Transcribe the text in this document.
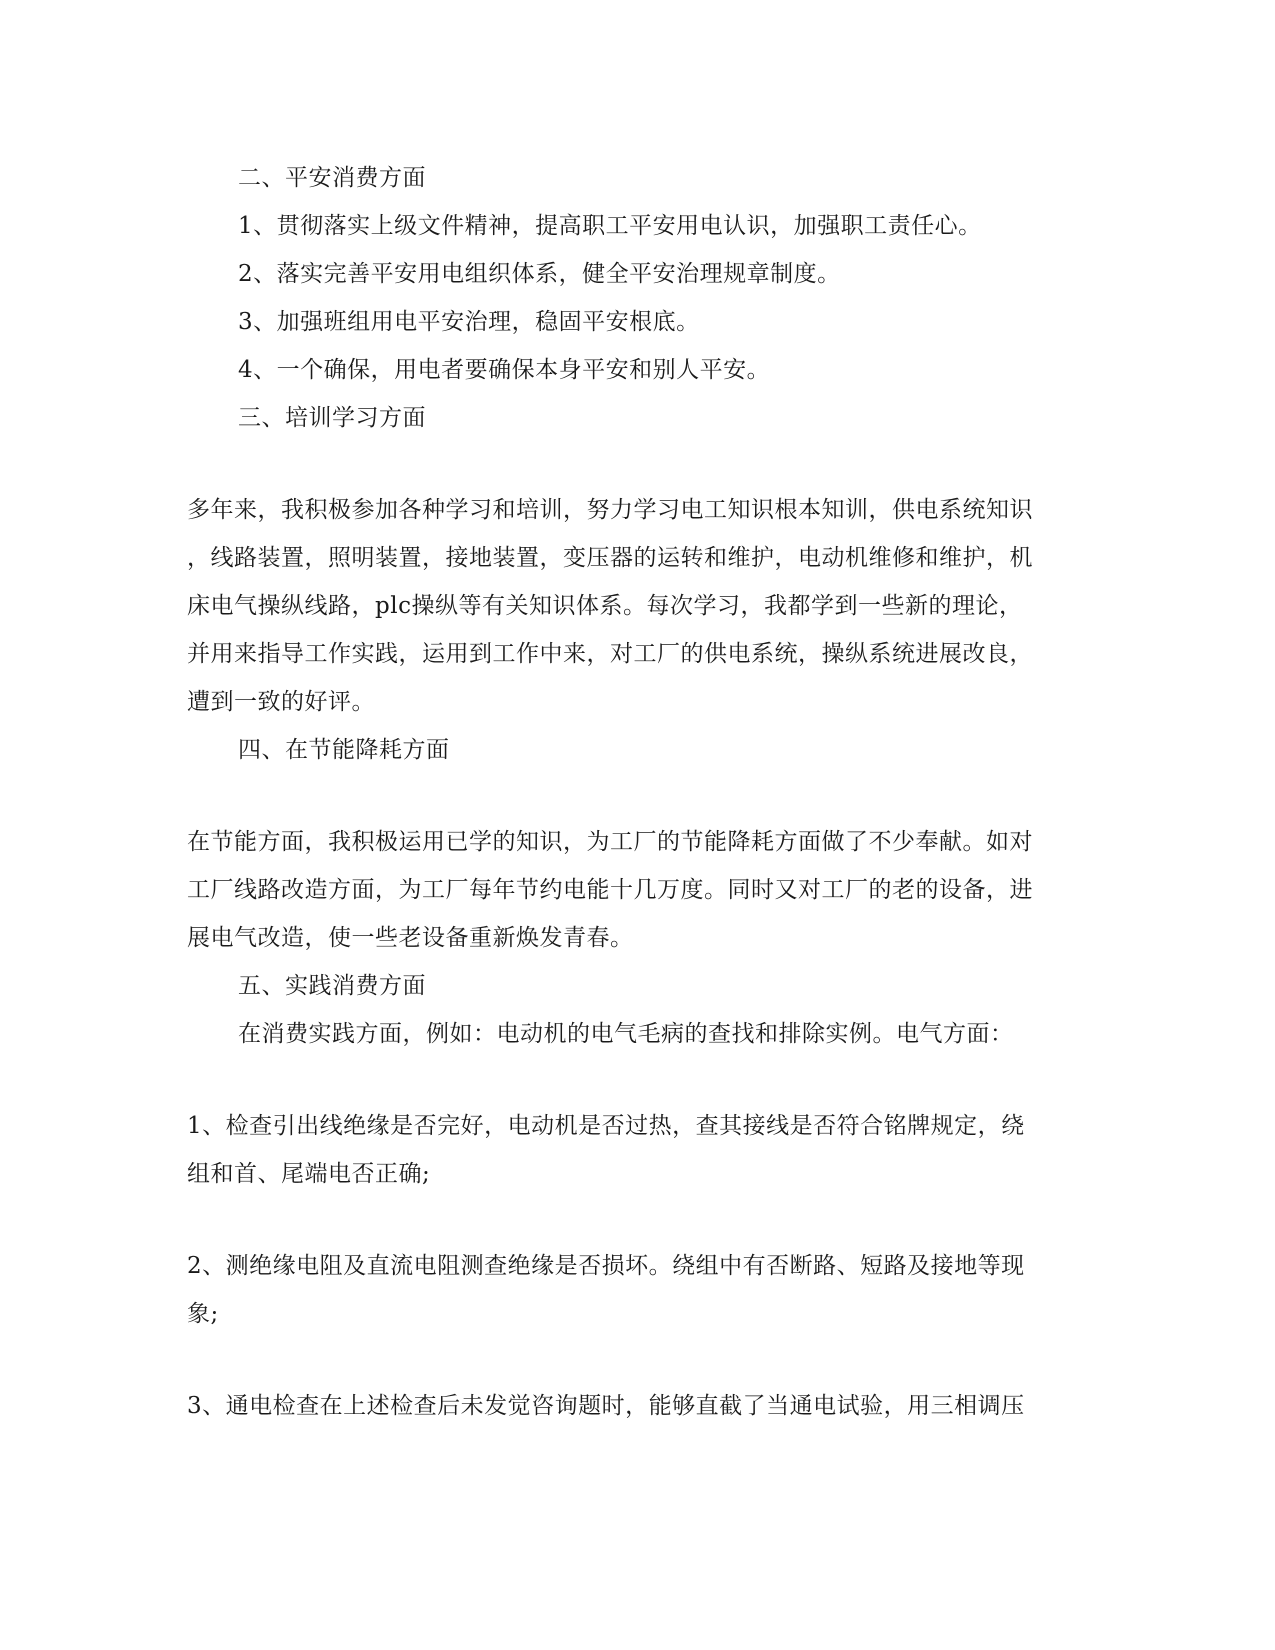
二、平安消费方面
1、贯彻落实上级文件精神，提高职工平安用电认识，加强职工责任心。
2、落实完善平安用电组织体系，健全平安治理规章制度。
3、加强班组用电平安治理，稳固平安根底。
4、一个确保，用电者要确保本身平安和别人平安。
三、培训学习方面
多年来，我积极参加各种学习和培训，努力学习电工知识根本知训，供电系统知识
，线路装置，照明装置，接地装置，变压器的运转和维护，电动机维修和维护，机
床电气操纵线路，plc操纵等有关知识体系。每次学习，我都学到一些新的理论，
并用来指导工作实践，运用到工作中来，对工厂的供电系统，操纵系统进展改良，
遭到一致的好评。
四、在节能降耗方面
在节能方面，我积极运用已学的知识，为工厂的节能降耗方面做了不少奉献。如对
工厂线路改造方面，为工厂每年节约电能十几万度。同时又对工厂的老的设备，进
展电气改造，使一些老设备重新焕发青春。
五、实践消费方面
在消费实践方面，例如：电动机的电气毛病的查找和排除实例。电气方面：
1、检查引出线绝缘是否完好，电动机是否过热，查其接线是否符合铭牌规定，绕
组和首、尾端电否正确;
2、测绝缘电阻及直流电阻测查绝缘是否损坏。绕组中有否断路、短路及接地等现
象;
3、通电检查在上述检查后未发觉咨询题时，能够直截了当通电试验，用三相调压
